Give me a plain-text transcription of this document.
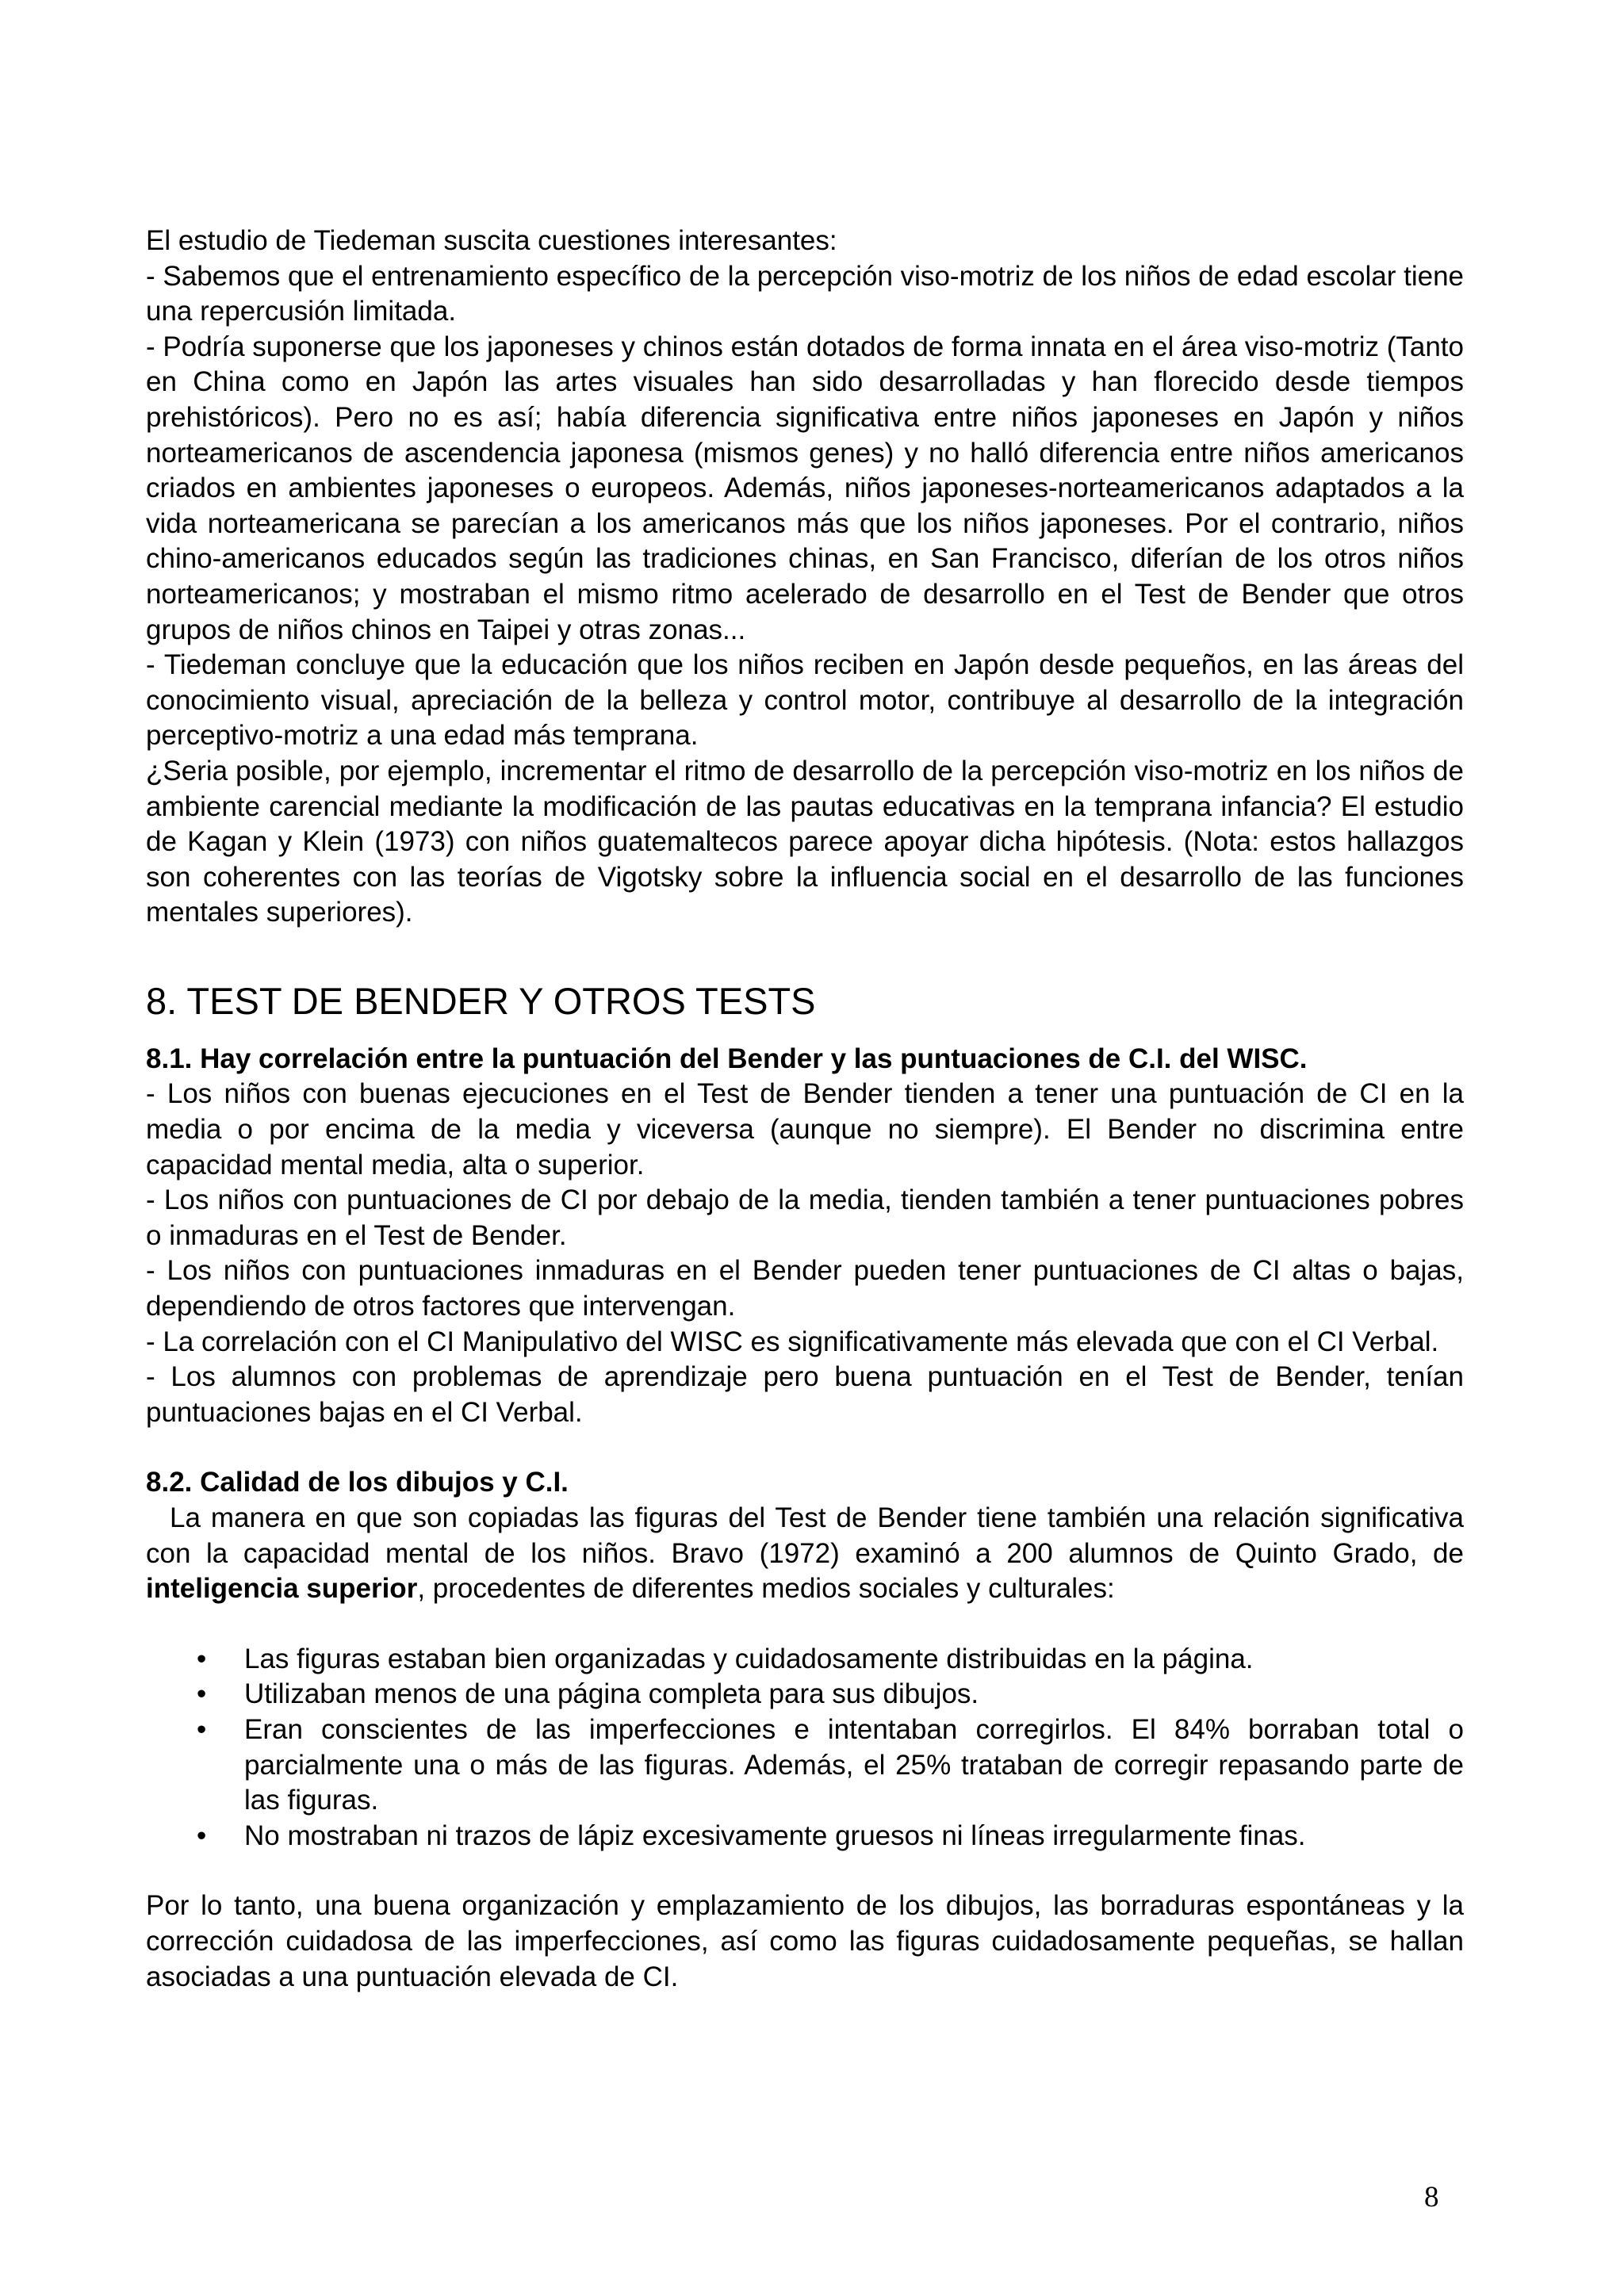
El estudio de Tiedeman suscita cuestiones interesantes:

- Sabemos que el entrenamiento específico de la percepción viso-motriz de los niños de edad escolar tiene una repercusión limitada.

- Podría suponerse que los japoneses y chinos están dotados de forma innata en el área viso-motriz (Tanto en China como en Japón las artes visuales han sido desarrolladas y han florecido desde tiempos prehistóricos). Pero no es así; había diferencia significativa entre niños japoneses en Japón y niños norteamericanos de ascendencia japonesa (mismos genes) y no halló diferencia entre niños americanos criados en ambientes japoneses o europeos. Además, niños japoneses-norteamericanos adaptados a la vida norteamericana se parecían a los americanos más que los niños japoneses. Por el contrario, niños chino-americanos educados según las tradiciones chinas, en San Francisco, diferían de los otros niños norteamericanos; y mostraban el mismo ritmo acelerado de desarrollo en el Test de Bender que otros grupos de niños chinos en Taipei y otras zonas...

- Tiedeman concluye que la educación que los niños reciben en Japón desde pequeños, en las áreas del conocimiento visual, apreciación de la belleza y control motor, contribuye al desarrollo de la integración perceptivo-motriz a una edad más temprana.

¿Seria posible, por ejemplo, incrementar el ritmo de desarrollo de la percepción viso-motriz en los niños de ambiente carencial mediante la modificación de las pautas educativas en la temprana infancia? El estudio de Kagan y Klein (1973) con niños guatemaltecos parece apoyar dicha hipótesis. (Nota: estos hallazgos son coherentes con las teorías de Vigotsky sobre la influencia social en el desarrollo de las funciones mentales superiores).

8. TEST DE BENDER Y OTROS TESTS

8.1. Hay correlación entre la puntuación del Bender y las puntuaciones de C.I. del WISC.

- Los niños con buenas ejecuciones en el Test de Bender tienden a tener una puntuación de CI en la media o por encima de la media y viceversa (aunque no siempre). El Bender no discrimina entre capacidad mental media, alta o superior.

- Los niños con puntuaciones de CI por debajo de la media, tienden también a tener puntuaciones pobres o inmaduras en el Test de Bender.

- Los niños con puntuaciones inmaduras en el Bender pueden tener puntuaciones de CI altas o bajas, dependiendo de otros factores que intervengan.

- La correlación con el CI Manipulativo del WISC es significativamente más elevada que con el CI Verbal.

- Los alumnos con problemas de aprendizaje pero buena puntuación en el Test de Bender, tenían puntuaciones bajas en el CI Verbal.

8.2. Calidad de los dibujos y C.I.

La manera en que son copiadas las figuras del Test de Bender tiene también una relación significativa con la capacidad mental de los niños. Bravo (1972) examinó a 200 alumnos de Quinto Grado, de inteligencia superior, procedentes de diferentes medios sociales y culturales:

• Las figuras estaban bien organizadas y cuidadosamente distribuidas en la página.
• Utilizaban menos de una página completa para sus dibujos.
• Eran conscientes de las imperfecciones e intentaban corregirlos. El 84% borraban total o parcialmente una o más de las figuras. Además, el 25% trataban de corregir repasando parte de las figuras.
• No mostraban ni trazos de lápiz excesivamente gruesos ni líneas irregularmente finas.

Por lo tanto, una buena organización y emplazamiento de los dibujos, las borraduras espontáneas y la corrección cuidadosa de las imperfecciones, así como las figuras cuidadosamente pequeñas, se hallan asociadas a una puntuación elevada de CI.

8
